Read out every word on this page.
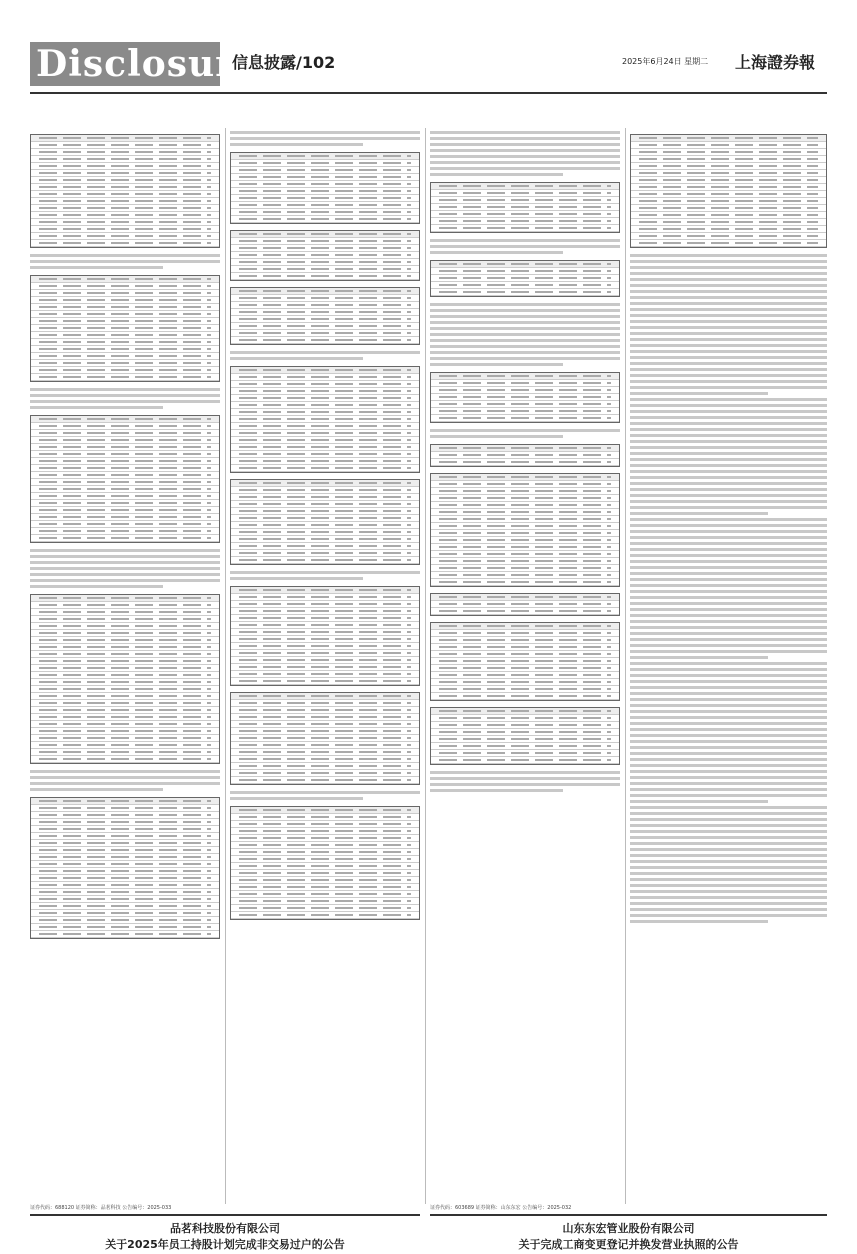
Disclosure
信息披露/102	2025年6月24日 星期二 上海證券報
品茗科技股份有限公司
关于2025年员工持股计划完成非交易过户的公告
证券代码：688120 证券简称：品茗科技 公告编号：2025-033
山东东宏管业股份有限公司
关于完成工商变更登记并换发营业执照的公告
证券代码：603689 证券简称：山东东宏 公告编号：2025-032
